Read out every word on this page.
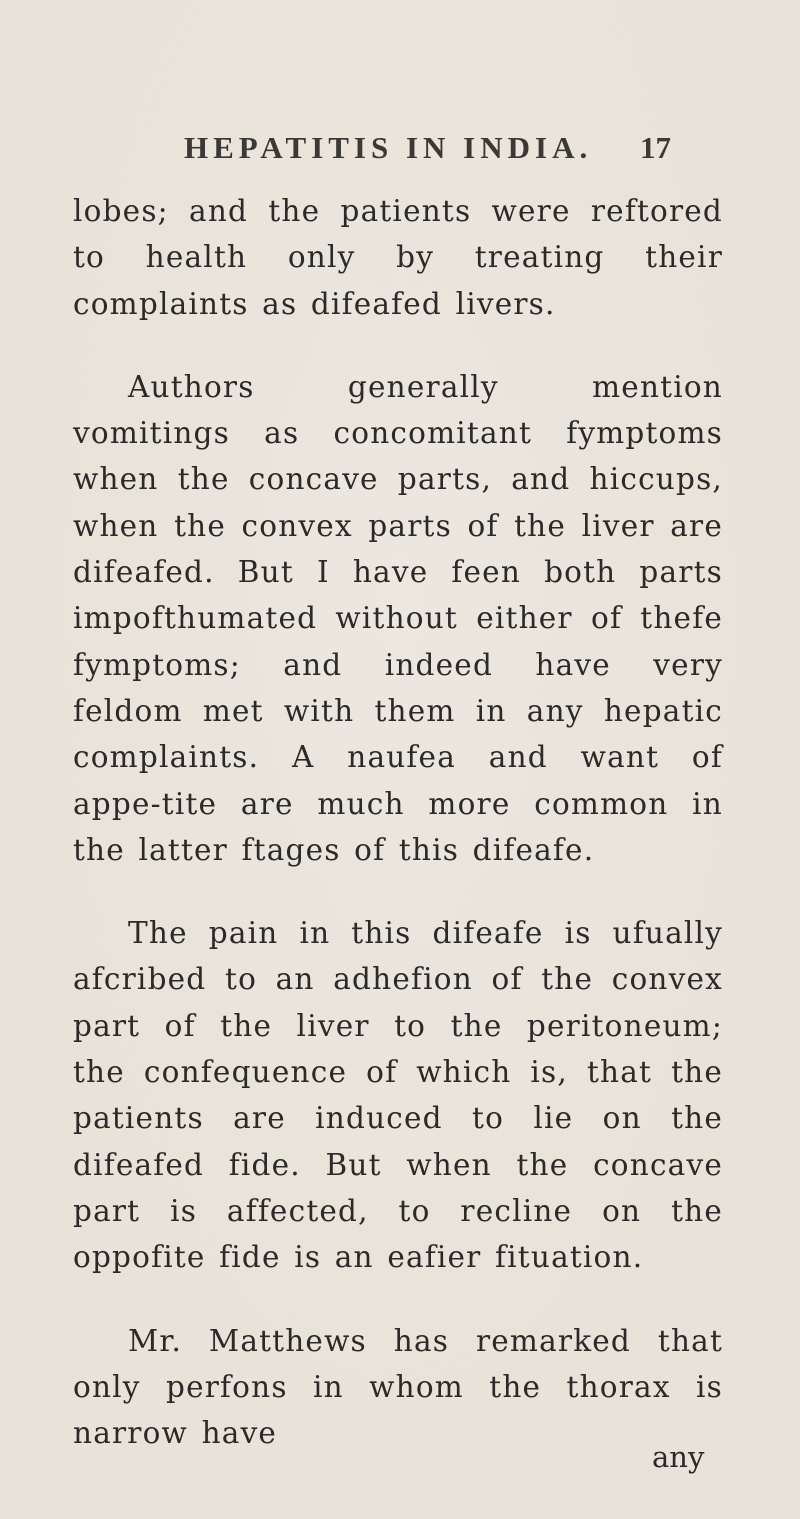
HEPATITIS IN INDIA. 17

lobes; and the patients were reftored to health only by treating their complaints as difeafed livers.

Authors generally mention vomitings as concomitant fymptoms when the concave parts, and hiccups, when the convex parts of the liver are difeafed. But I have feen both parts impofthumated without either of thefe fymptoms; and indeed have very feldom met with them in any hepatic complaints. A naufea and want of appe-tite are much more common in the latter ftages of this difeafe.

The pain in this difeafe is ufually afcribed to an adhefion of the convex part of the liver to the peritoneum; the confequence of which is, that the patients are induced to lie on the difeafed fide. But when the concave part is affected, to recline on the oppofite fide is an eafier fituation.

Mr. Matthews has remarked that only perfons in whom the thorax is narrow have

any
